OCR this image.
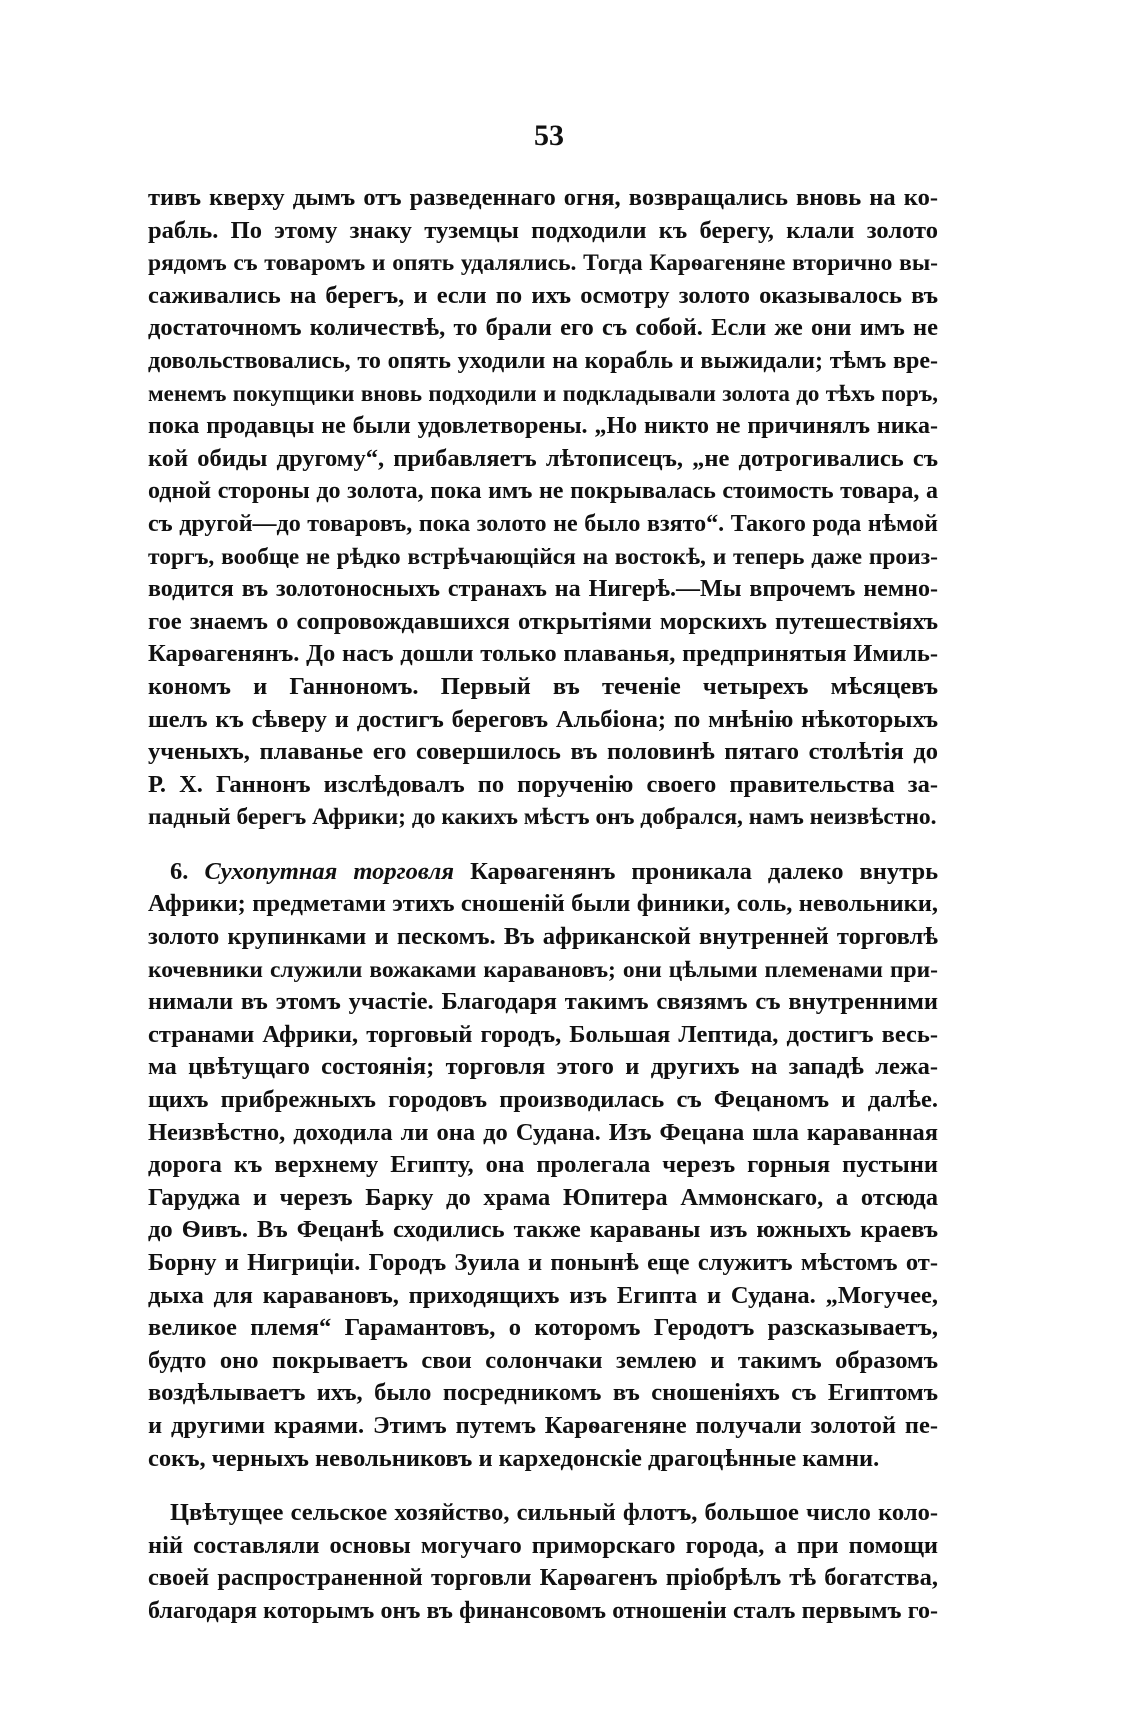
53
тивъ кверху дымъ отъ разведеннаго огня, возвращались вновь на ко-
рабль. По этому знаку туземцы подходили къ берегу, клали золото
рядомъ съ товаромъ и опять удалялись. Тогда Карѳагеняне вторично вы-
саживались на берегъ, и если по ихъ осмотру золото оказывалось въ
достаточномъ количествѣ, то брали его съ собой. Если же они имъ не
довольствовались, то опять уходили на корабль и выжидали; тѣмъ вре-
менемъ покупщики вновь подходили и подкладывали золота до тѣхъ поръ,
пока продавцы не были удовлетворены. „Но никто не причинялъ ника-
кой обиды другому“, прибавляетъ лѣтописецъ, „не дотрогивались съ
одной стороны до золота, пока имъ не покрывалась стоимость товара, а
съ другой—до товаровъ, пока золото не было взято“. Такого рода нѣмой
торгъ, вообще не рѣдко встрѣчающійся на востокѣ, и теперь даже произ-
водится въ золотоносныхъ странахъ на Нигерѣ.—Мы впрочемъ немно-
гое знаемъ о сопровождавшихся открытіями морскихъ путешествіяхъ
Карѳагенянъ. До насъ дошли только плаванья, предпринятыя Имиль-
кономъ и Ганнономъ. Первый въ теченіе четырехъ мѣсяцевъ
шелъ къ сѣверу и достигъ береговъ Альбіона; по мнѣнію нѣкоторыхъ
ученыхъ, плаванье его совершилось въ половинѣ пятаго столѣтія до
Р. Х. Ганнонъ изслѣдовалъ по порученію своего правительства за-
падный берегъ Африки; до какихъ мѣстъ онъ добрался, намъ неизвѣстно.
6. Сухопутная торговля Карѳагенянъ проникала далеко внутрь
Африки; предметами этихъ сношеній были финики, соль, невольники,
золото крупинками и пескомъ. Въ африканской внутренней торговлѣ
кочевники служили вожаками каравановъ; они цѣлыми племенами при-
нимали въ этомъ участіе. Благодаря такимъ связямъ съ внутренними
странами Африки, торговый городъ, Большая Лептида, достигъ весь-
ма цвѣтущаго состоянія; торговля этого и другихъ на западѣ лежа-
щихъ прибрежныхъ городовъ производилась съ Фецаномъ и далѣе.
Неизвѣстно, доходила ли она до Судана. Изъ Фецана шла караванная
дорога къ верхнему Египту, она пролегала черезъ горныя пустыни
Гаруджа и черезъ Барку до храма Юпитера Аммонскаго, а отсюда
до Ѳивъ. Въ Фецанѣ сходились также караваны изъ южныхъ краевъ
Борну и Нигриціи. Городъ Зуила и понынѣ еще служитъ мѣстомъ от-
дыха для каравановъ, приходящихъ изъ Египта и Судана. „Могучее,
великое племя“ Гарамантовъ, о которомъ Геродотъ разсказываетъ,
будто оно покрываетъ свои солончаки землею и такимъ образомъ
воздѣлываетъ ихъ, было посредникомъ въ сношеніяхъ съ Египтомъ
и другими краями. Этимъ путемъ Карѳагеняне получали золотой пе-
сокъ, черныхъ невольниковъ и кархедонскіе драгоцѣнные камни.
Цвѣтущее сельское хозяйство, сильный флотъ, большое число коло-
ній составляли основы могучаго приморскаго города, а при помощи
своей распространенной торговли Карѳагенъ пріобрѣлъ тѣ богатства,
благодаря которымъ онъ въ финансовомъ отношеніи сталъ первымъ го-
